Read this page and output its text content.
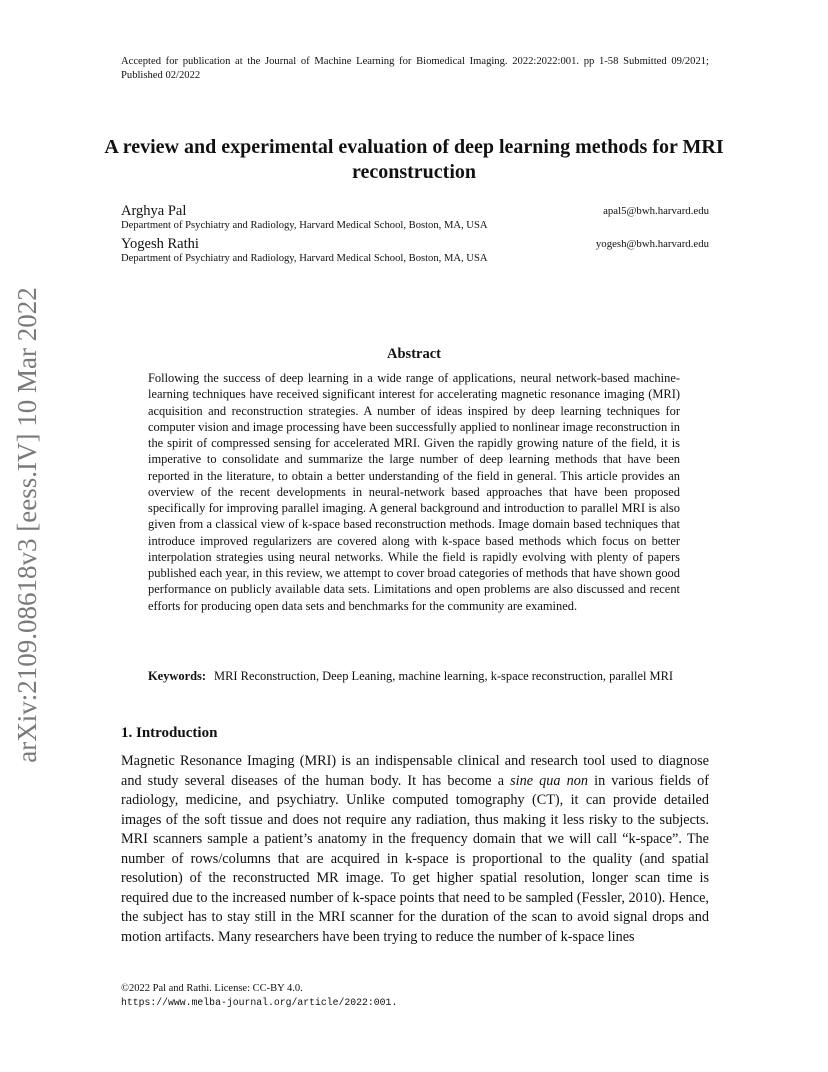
Accepted for publication at the Journal of Machine Learning for Biomedical Imaging. 2022:2022:001. pp 1-58 Submitted 09/2021; Published 02/2022
A review and experimental evaluation of deep learning methods for MRI reconstruction
Arghya Pal	apal5@bwh.harvard.edu
Department of Psychiatry and Radiology, Harvard Medical School, Boston, MA, USA
Yogesh Rathi	yogesh@bwh.harvard.edu
Department of Psychiatry and Radiology, Harvard Medical School, Boston, MA, USA
arXiv:2109.08618v3 [eess.IV] 10 Mar 2022	Abstract
Following the success of deep learning in a wide range of applications, neural network-based machine-learning techniques have received significant interest for accelerating magnetic resonance imaging (MRI) acquisition and reconstruction strategies. A number of ideas inspired by deep learning techniques for computer vision and image processing have been successfully applied to nonlinear image reconstruction in the spirit of compressed sensing for accelerated MRI. Given the rapidly growing nature of the field, it is imperative to consolidate and summarize the large number of deep learning methods that have been reported in the literature, to obtain a better understanding of the field in general. This article provides an overview of the recent developments in neural-network based approaches that have been proposed specifically for improving parallel imaging. A general background and introduction to parallel MRI is also given from a classical view of k-space based reconstruction methods. Image domain based techniques that introduce improved regularizers are covered along with k-space based methods which focus on better interpolation strategies using neural networks. While the field is rapidly evolving with plenty of papers published each year, in this review, we attempt to cover broad categories of methods that have shown good performance on publicly available data sets. Limitations and open problems are also discussed and recent efforts for producing open data sets and benchmarks for the community are examined.
Keywords: MRI Reconstruction, Deep Leaning, machine learning, k-space reconstruction, parallel MRI
1. Introduction
Magnetic Resonance Imaging (MRI) is an indispensable clinical and research tool used to diagnose and study several diseases of the human body. It has become a sine qua non in various fields of radiology, medicine, and psychiatry. Unlike computed tomography (CT), it can provide detailed images of the soft tissue and does not require any radiation, thus making it less risky to the subjects. MRI scanners sample a patient’s anatomy in the frequency domain that we will call “k-space”. The number of rows/columns that are acquired in k-space is proportional to the quality (and spatial resolution) of the reconstructed MR image. To get higher spatial resolution, longer scan time is required due to the increased number of k-space points that need to be sampled (Fessler, 2010). Hence, the subject has to stay still in the MRI scanner for the duration of the scan to avoid signal drops and motion artifacts. Many researchers have been trying to reduce the number of k-space lines
©2022 Pal and Rathi. License: CC-BY 4.0.
https://www.melba-journal.org/article/2022:001.
